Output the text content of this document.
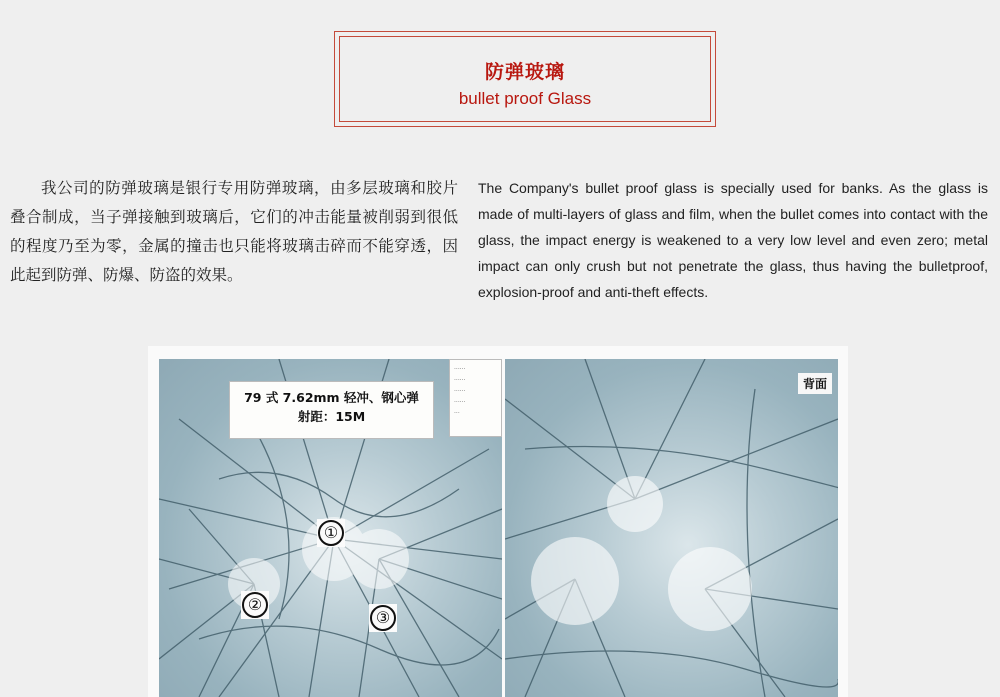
防弹玻璃
bullet proof Glass
我公司的防弹玻璃是银行专用防弹玻璃，由多层玻璃和胶片叠合制成，当子弹接触到玻璃后，它们的冲击能量被削弱到很低的程度乃至为零，金属的撞击也只能将玻璃击碎而不能穿透，因此起到防弹、防爆、防盗的效果。
The Company's bullet proof glass is specially used for banks. As the glass is made of multi-layers of glass and film, when the bullet comes into contact with the glass, the impact energy is weakened to a very low level and even zero; metal impact can only crush but not penetrate the glass, thus having the bulletproof, explosion-proof and anti-theft effects.
79 式 7.62mm 轻冲、钢心弹
射距：15M
······
······
······
······
···
①
②
③
背面
